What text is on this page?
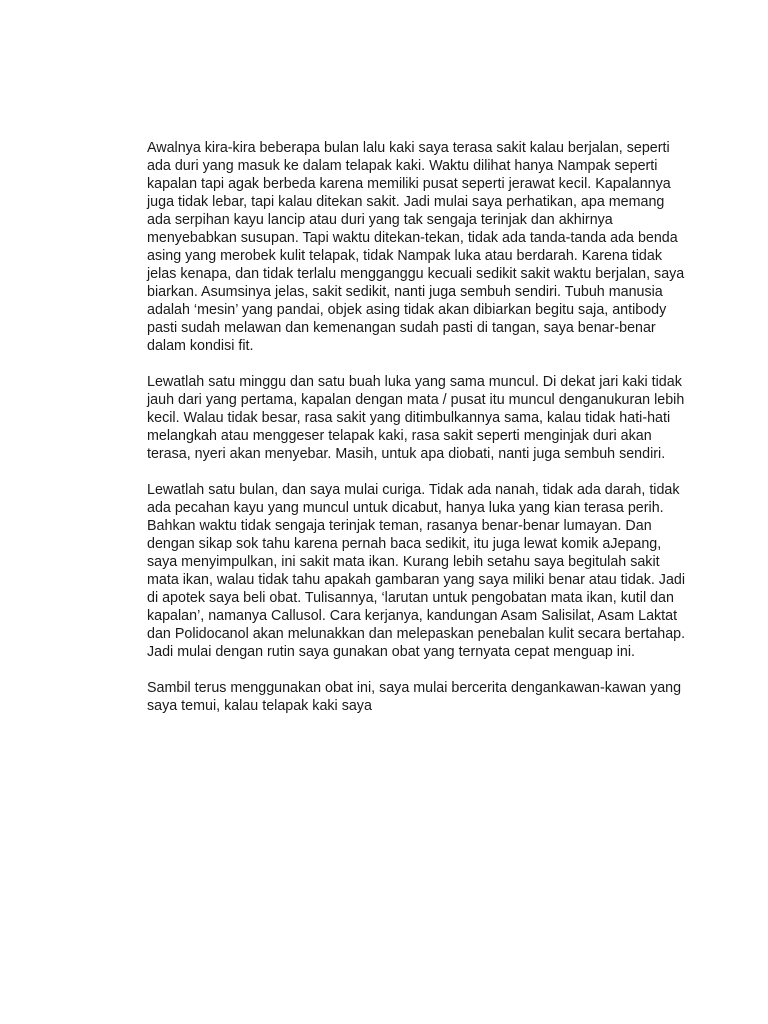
Awalnya kira-kira beberapa bulan lalu kaki saya terasa sakit kalau berjalan, seperti ada duri yang masuk ke dalam telapak kaki. Waktu dilihat hanya Nampak seperti kapalan tapi agak berbeda karena memiliki pusat seperti jerawat kecil. Kapalannya juga tidak lebar, tapi kalau ditekan sakit. Jadi mulai saya perhatikan, apa memang ada serpihan kayu lancip atau duri yang tak sengaja terinjak dan akhirnya menyebabkan susupan. Tapi waktu ditekan-tekan, tidak ada tanda-tanda ada benda asing yang merobek kulit telapak, tidak Nampak luka atau berdarah. Karena tidak jelas kenapa, dan tidak terlalu mengganggu kecuali sedikit sakit waktu berjalan, saya biarkan. Asumsinya jelas, sakit sedikit, nanti juga sembuh sendiri. Tubuh manusia adalah ‘mesin’ yang pandai, objek asing tidak akan dibiarkan begitu saja, antibody pasti sudah melawan dan kemenangan sudah pasti di tangan, saya benar-benar dalam kondisi fit.

Lewatlah satu minggu dan satu buah luka yang sama muncul. Di dekat jari kaki tidak jauh dari yang pertama, kapalan dengan mata / pusat itu muncul denganukuran lebih kecil. Walau tidak besar, rasa sakit yang ditimbulkannya sama, kalau tidak hati-hati melangkah atau menggeser telapak kaki, rasa sakit seperti menginjak duri akan terasa, nyeri akan menyebar. Masih, untuk apa diobati, nanti juga sembuh sendiri.

Lewatlah satu bulan, dan saya mulai curiga. Tidak ada nanah, tidak ada darah, tidak ada pecahan kayu yang muncul untuk dicabut, hanya luka yang kian terasa perih. Bahkan waktu tidak sengaja terinjak teman, rasanya benar-benar lumayan. Dan dengan sikap sok tahu karena pernah baca sedikit, itu juga lewat komik aJepang, saya menyimpulkan, ini sakit mata ikan. Kurang lebih setahu saya begitulah sakit mata ikan, walau tidak tahu apakah gambaran yang saya miliki benar atau tidak. Jadi di apotek saya beli obat. Tulisannya, ‘larutan untuk pengobatan mata ikan, kutil dan kapalan’, namanya Callusol. Cara kerjanya, kandungan Asam Salisilat, Asam Laktat dan Polidocanol akan melunakkan dan melepaskan penebalan kulit secara bertahap. Jadi mulai dengan rutin saya gunakan obat yang ternyata cepat menguap ini.

Sambil terus menggunakan obat ini, saya mulai bercerita dengankawan-kawan yang saya temui, kalau telapak kaki saya
